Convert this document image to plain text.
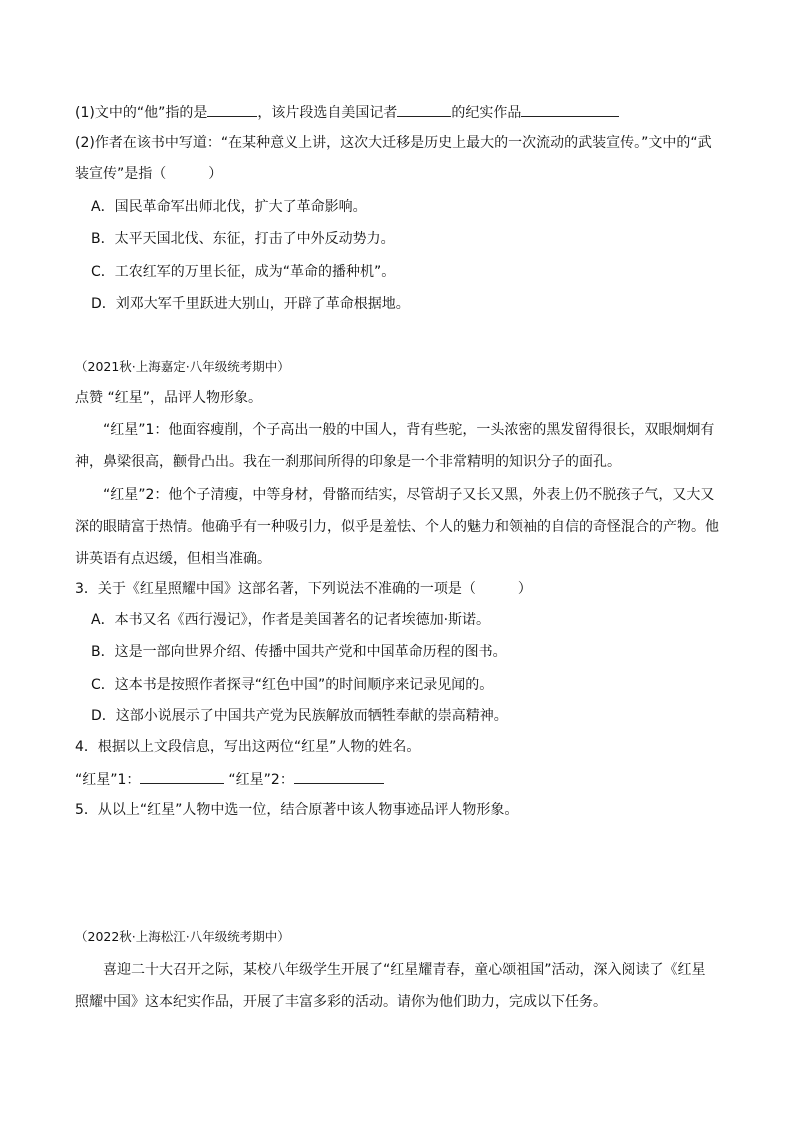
(1)文中的“他”指的是	，该片段选自美国记者	的纪实作品
(2)作者在该书中写道：“在某种意义上讲，这次大迁移是历史上最大的一次流动的武装宣传。”文中的“武
装宣传”是指（　　　）
A．国民革命军出师北伐，扩大了革命影响。
B．太平天国北伐、东征，打击了中外反动势力。
C．工农红军的万里长征，成为“革命的播种机”。
D．刘邓大军千里跃进大别山，开辟了革命根据地。
（2021秋·上海嘉定·八年级统考期中）
点赞 “红星”，品评人物形象。
“红星”1：他面容瘦削，个子高出一般的中国人，背有些驼，一头浓密的黑发留得很长，双眼炯炯有
神，鼻梁很高，颧骨凸出。我在一刹那间所得的印象是一个非常精明的知识分子的面孔。
“红星”2：他个子清瘦，中等身材，骨骼而结实，尽管胡子又长又黑，外表上仍不脱孩子气，又大又
深的眼睛富于热情。他确乎有一种吸引力，似乎是羞怯、个人的魅力和领袖的自信的奇怪混合的产物。他
讲英语有点迟缓，但相当准确。
3．关于《红星照耀中国》这部名著，下列说法不准确的一项是（　　　）
A．本书又名《西行漫记》，作者是美国著名的记者埃德加·斯诺。
B．这是一部向世界介绍、传播中国共产党和中国革命历程的图书。
C．这本书是按照作者探寻“红色中国”的时间顺序来记录见闻的。
D．这部小说展示了中国共产党为民族解放而牺牲奉献的崇高精神。
4．根据以上文段信息，写出这两位“红星”人物的姓名。
“红星”1：	“红星”2：
5．从以上“红星”人物中选一位，结合原著中该人物事迹品评人物形象。
（2022秋·上海松江·八年级统考期中）
喜迎二十大召开之际，某校八年级学生开展了“红星耀青春，童心颂祖国”活动，深入阅读了《红星
照耀中国》这本纪实作品，开展了丰富多彩的活动。请你为他们助力，完成以下任务。
